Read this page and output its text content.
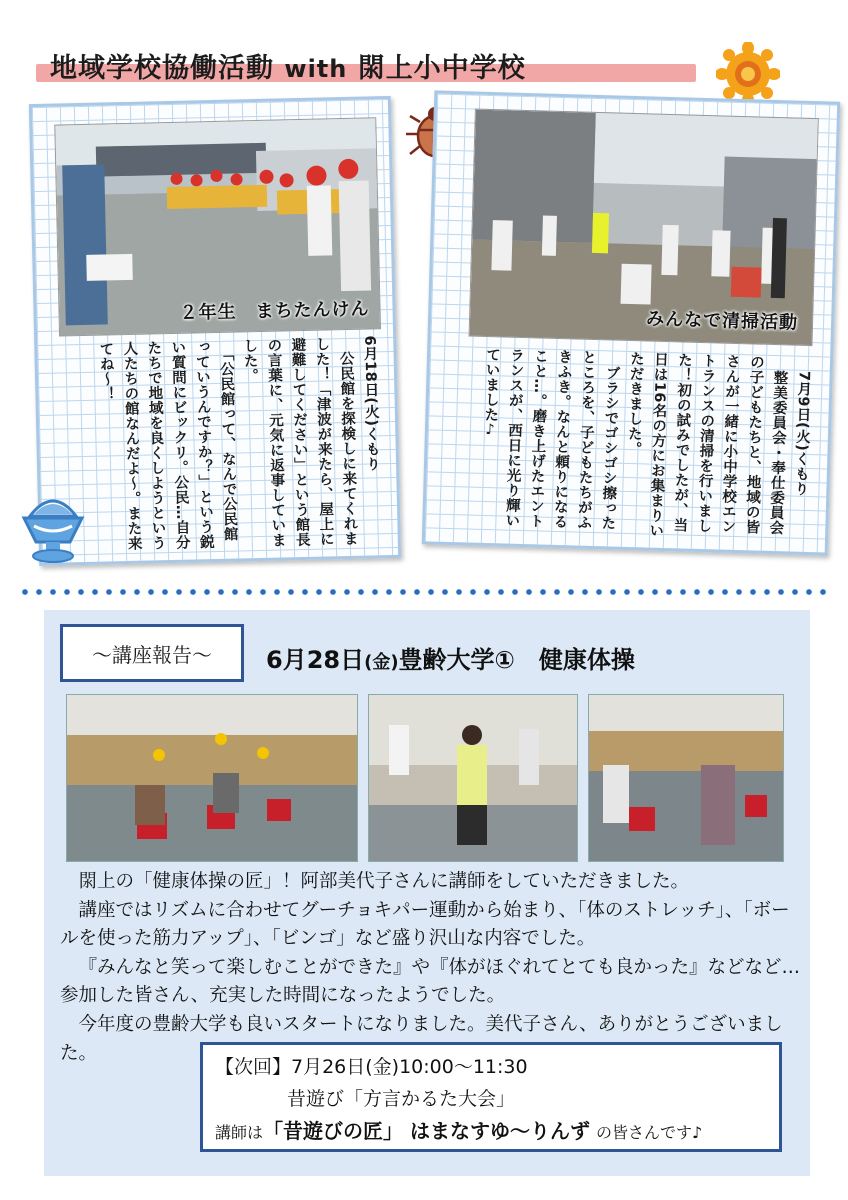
地域学校協働活動 with 閖上小中学校
２年生　まちたんけん
6月18日(火)くもり
　公民館を探検しに来てくれました！「津波が来たら、屋上に避難してください」という館長の言葉に、元気に返事していました。
　「公民館って、なんで公民館っていうんですか？」という鋭い質問にビックリ。公民…自分たちで地域を良くしようという人たちの館なんだよ～。また来てね～！
みんなで清掃活動
　7月9日(火)くもり
　整美委員会・奉仕委員会の子どもたちと、地域の皆さんが一緒に小中学校エントランスの清掃を行いました！初の試みでしたが、当日は16名の方にお集まりいただきました。
　ブラシでゴシゴシ擦ったところを、子どもたちがふきふき。なんと頼りになること…。磨き上げたエントランスが、西日に光り輝いていました♪
～講座報告～	6月28日(金)豊齢大学①　健康体操

閖上の「健康体操の匠」！阿部美代子さんに講師をしていただきました。

講座ではリズムに合わせてグーチョキパー運動から始まり、「体のストレッチ」、「ボールを使った筋力アップ」、「ビンゴ」など盛り沢山な内容でした。

『みんなと笑って楽しむことができた』や『体がほぐれてとても良かった』などなど…参加した皆さん、充実した時間になったようでした。

今年度の豊齢大学も良いスタートになりました。美代子さん、ありがとうございました。

【次回】7月26日(金)10:00～11:30
昔遊び「方言かるた大会」
講師は「昔遊びの匠」 はまなすゆ～りんず の皆さんです♪
